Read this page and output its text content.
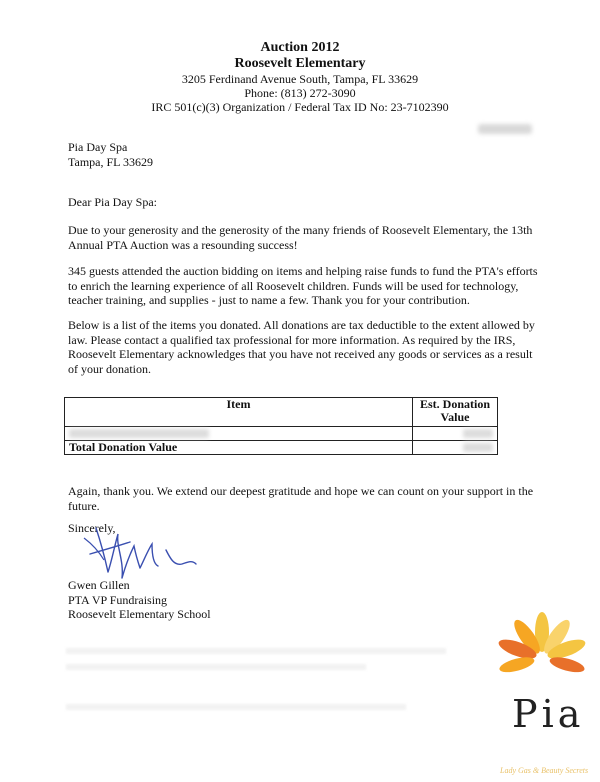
Auction 2012
Roosevelt Elementary
3205 Ferdinand Avenue South, Tampa, FL 33629
Phone: (813) 272-3090
IRC 501(c)(3) Organization / Federal Tax ID No: 23-7102390
Pia Day Spa
Tampa, FL 33629
Dear Pia Day Spa:
Due to your generosity and the generosity of the many friends of Roosevelt Elementary, the 13th Annual PTA Auction was a resounding success!
345 guests attended the auction bidding on items and helping raise funds to fund the PTA's efforts to enrich the learning experience of all Roosevelt children. Funds will be used for technology, teacher training, and supplies - just to name a few. Thank you for your contribution.
Below is a list of the items you donated. All donations are tax deductible to the extent allowed by law. Please contact a qualified tax professional for more information. As required by the IRS, Roosevelt Elementary acknowledges that you have not received any goods or services as a result of your donation.
Item	Est. Donation Value

Total Donation Value	
Again, thank you. We extend our deepest gratitude and hope we can count on your support in the future.
Sincerely,
Gwen Gillen
PTA VP Fundraising
Roosevelt Elementary School
Pia
Lady Gas & Beauty Secrets
